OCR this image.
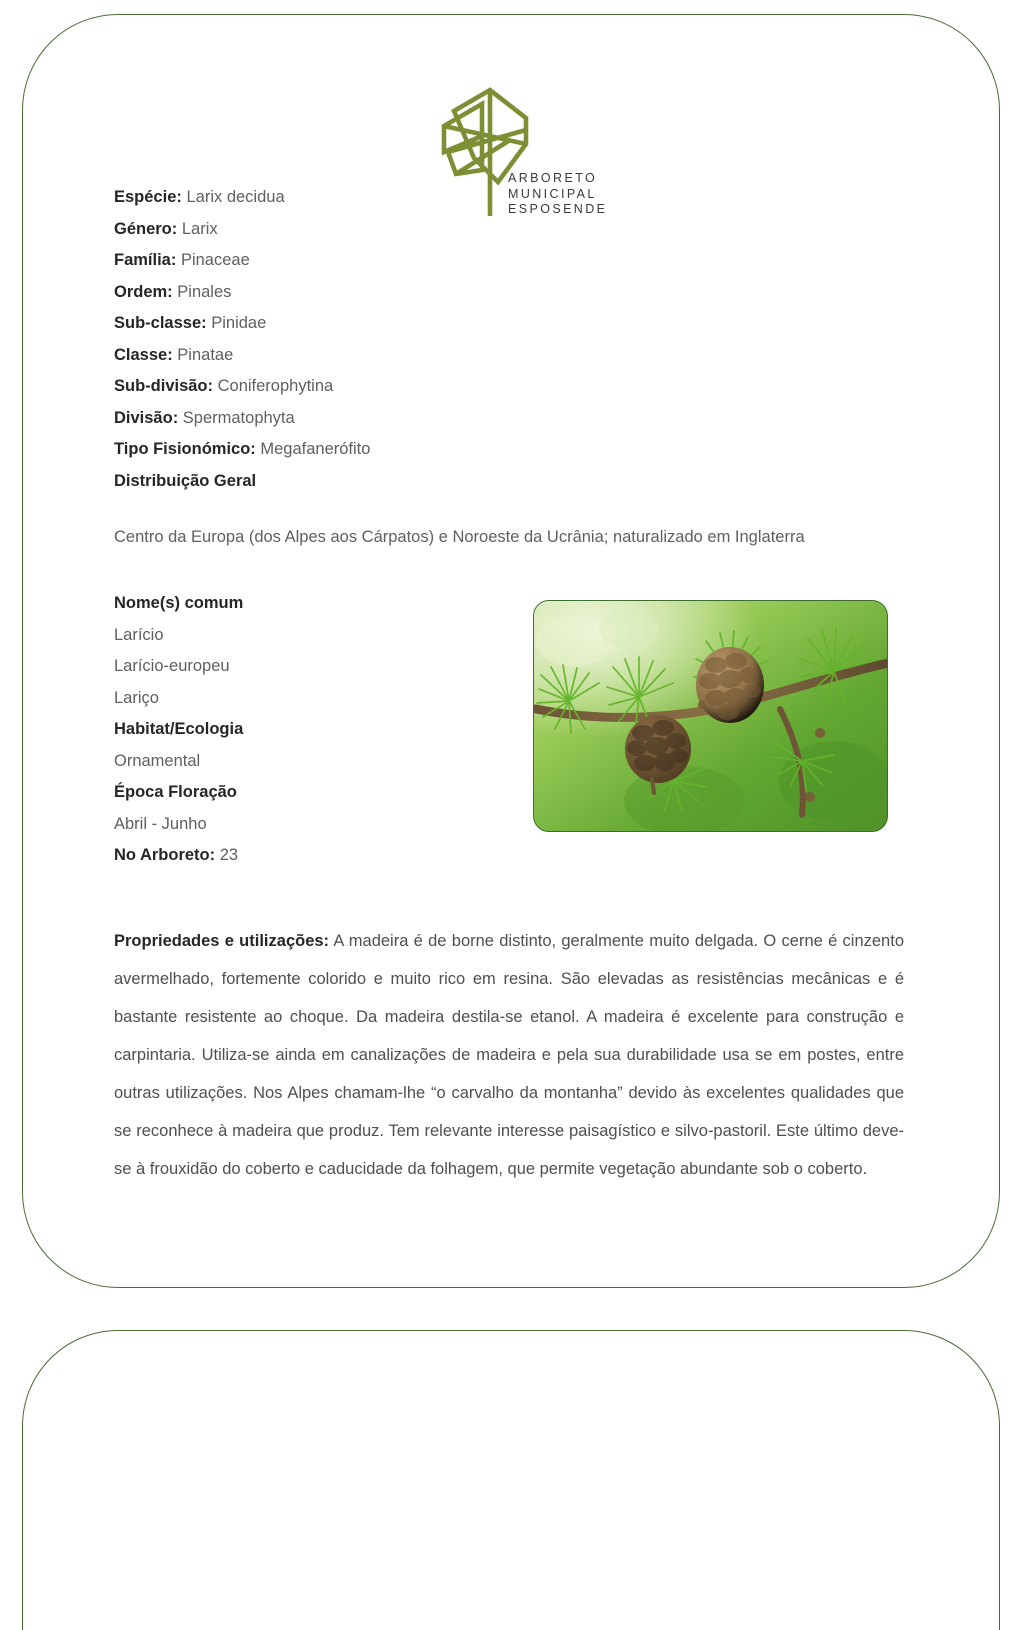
ARBORETO
MUNICIPAL
ESPOSENDE
Espécie: Larix decidua
Género: Larix
Família: Pinaceae
Ordem: Pinales
Sub-classe: Pinidae
Classe: Pinatae
Sub-divisão: Coniferophytina
Divisão: Spermatophyta
Tipo Fisionómico: Megafanerófito
Distribuição Geral
Centro da Europa (dos Alpes aos Cárpatos) e Noroeste da Ucrânia; naturalizado em Inglaterra
Nome(s) comum
Larício
Larício-europeu
Lariço
Habitat/Ecologia
Ornamental
Época Floração
Abril - Junho
No Arboreto: 23
Propriedades e utilizações: A madeira é de borne distinto, geralmente muito delgada. O cerne é cinzento avermelhado, fortemente colorido e muito rico em resina. São elevadas as resistências mecânicas e é bastante resistente ao choque. Da madeira destila-se etanol. A madeira é excelente para construção e carpintaria. Utiliza-se ainda em canalizações de madeira e pela sua durabilidade usa se em postes, entre outras utilizações. Nos Alpes chamam-lhe “o carvalho da montanha” devido às excelentes qualidades que se reconhece à madeira que produz. Tem relevante interesse paisagístico e silvo-pastoril. Este último deve-se à frouxidão do coberto e caducidade da folhagem, que permite vegetação abundante sob o coberto.
